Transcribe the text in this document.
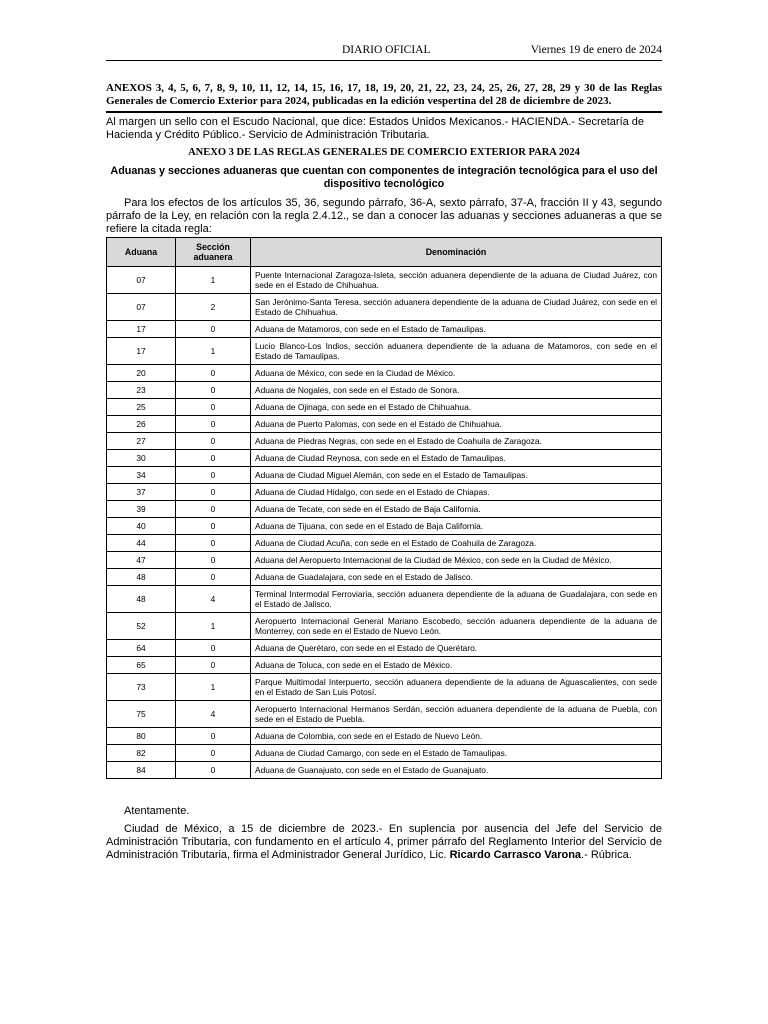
DIARIO OFICIAL	Viernes 19 de enero de 2024
ANEXOS 3, 4, 5, 6, 7, 8, 9, 10, 11, 12, 14, 15, 16, 17, 18, 19, 20, 21, 22, 23, 24, 25, 26, 27, 28, 29 y 30 de las Reglas Generales de Comercio Exterior para 2024, publicadas en la edición vespertina del 28 de diciembre de 2023.
Al margen un sello con el Escudo Nacional, que dice: Estados Unidos Mexicanos.- HACIENDA.- Secretaría de Hacienda y Crédito Público.- Servicio de Administración Tributaria.
ANEXO 3 DE LAS REGLAS GENERALES DE COMERCIO EXTERIOR PARA 2024
Aduanas y secciones aduaneras que cuentan con componentes de integración tecnológica para el uso del dispositivo tecnológico
Para los efectos de los artículos 35, 36, segundo párrafo, 36-A, sexto párrafo, 37-A, fracción II y 43, segundo párrafo de la Ley, en relación con la regla 2.4.12., se dan a conocer las aduanas y secciones aduaneras a que se refiere la citada regla:
Aduana	Sección aduanera	Denominación
07	1	Puente Internacional Zaragoza-Isleta, sección aduanera dependiente de la aduana de Ciudad Juárez, con sede en el Estado de Chihuahua.
07	2	San Jerónimo-Santa Teresa, sección aduanera dependiente de la aduana de Ciudad Juárez, con sede en el Estado de Chihuahua.
17	0	Aduana de Matamoros, con sede en el Estado de Tamaulipas.
17	1	Lucio Blanco-Los Indios, sección aduanera dependiente de la aduana de Matamoros, con sede en el Estado de Tamaulipas.
20	0	Aduana de México, con sede en la Ciudad de México.
23	0	Aduana de Nogales, con sede en el Estado de Sonora.
25	0	Aduana de Ojinaga, con sede en el Estado de Chihuahua.
26	0	Aduana de Puerto Palomas, con sede en el Estado de Chihuahua.
27	0	Aduana de Piedras Negras, con sede en el Estado de Coahuila de Zaragoza.
30	0	Aduana de Ciudad Reynosa, con sede en el Estado de Tamaulipas.
34	0	Aduana de Ciudad Miguel Alemán, con sede en el Estado de Tamaulipas.
37	0	Aduana de Ciudad Hidalgo, con sede en el Estado de Chiapas.
39	0	Aduana de Tecate, con sede en el Estado de Baja California.
40	0	Aduana de Tijuana, con sede en el Estado de Baja California.
44	0	Aduana de Ciudad Acuña, con sede en el Estado de Coahuila de Zaragoza.
47	0	Aduana del Aeropuerto Internacional de la Ciudad de México, con sede en la Ciudad de México.
48	0	Aduana de Guadalajara, con sede en el Estado de Jalisco.
48	4	Terminal Intermodal Ferroviaria, sección aduanera dependiente de la aduana de Guadalajara, con sede en el Estado de Jalisco.
52	1	Aeropuerto Internacional General Mariano Escobedo, sección aduanera dependiente de la aduana de Monterrey, con sede en el Estado de Nuevo León.
64	0	Aduana de Querétaro, con sede en el Estado de Querétaro.
65	0	Aduana de Toluca, con sede en el Estado de México.
73	1	Parque Multimodal Interpuerto, sección aduanera dependiente de la aduana de Aguascalientes, con sede en el Estado de San Luis Potosí.
75	4	Aeropuerto Internacional Hermanos Serdán, sección aduanera dependiente de la aduana de Puebla, con sede en el Estado de Puebla.
80	0	Aduana de Colombia, con sede en el Estado de Nuevo León.
82	0	Aduana de Ciudad Camargo, con sede en el Estado de Tamaulipas.
84	0	Aduana de Guanajuato, con sede en el Estado de Guanajuato.
Atentamente.
Ciudad de México, a 15 de diciembre de 2023.- En suplencia por ausencia del Jefe del Servicio de Administración Tributaria, con fundamento en el artículo 4, primer párrafo del Reglamento Interior del Servicio de Administración Tributaria, firma el Administrador General Jurídico, Lic. Ricardo Carrasco Varona.- Rúbrica.
